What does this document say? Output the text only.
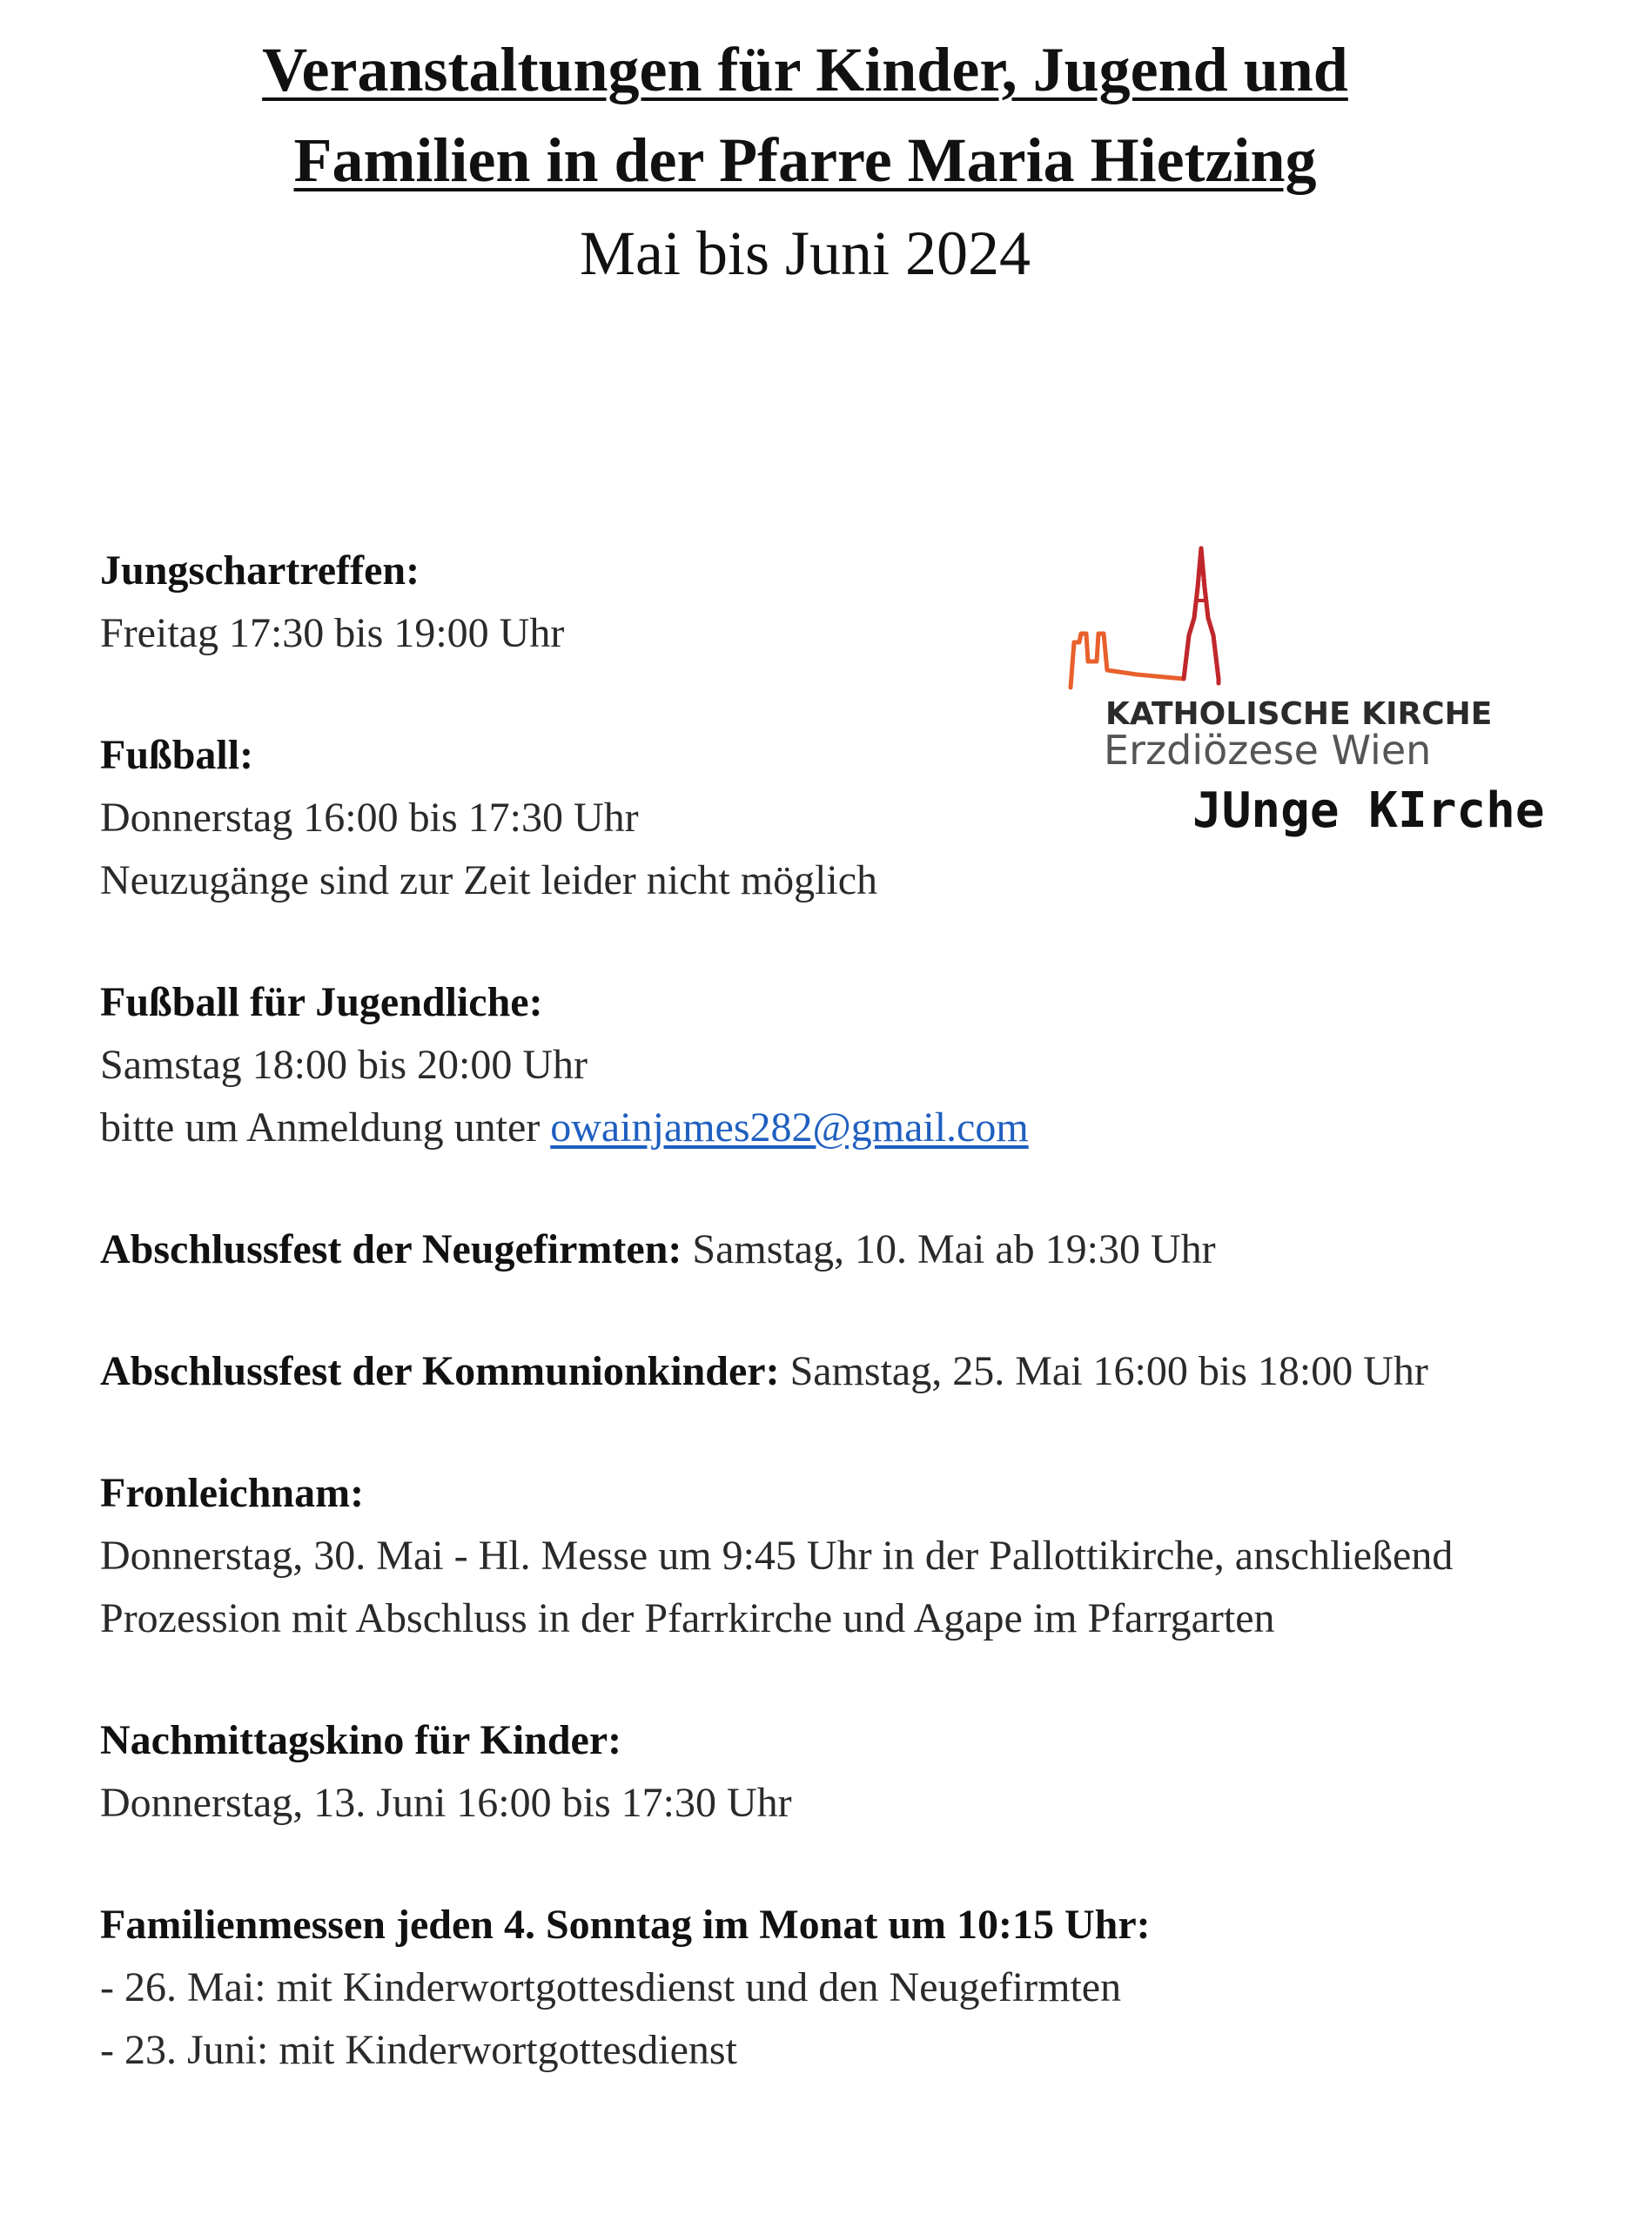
Veranstaltungen für Kinder, Jugend und

Familien in der Pfarre Maria Hietzing

Mai bis Juni 2024

KATHOLISCHE KIRCHE
Erzdiözese Wien
JUnge KIrche
Jungschartreffen:
Freitag 17:30 bis 19:00 Uhr
Fußball:
Donnerstag 16:00 bis 17:30 Uhr
Neuzugänge sind zur Zeit leider nicht möglich
Fußball für Jugendliche:
Samstag 18:00 bis 20:00 Uhr
bitte um Anmeldung unter owainjames282@gmail.com
Abschlussfest der Neugefirmten: Samstag, 10. Mai ab 19:30 Uhr
Abschlussfest der Kommunionkinder: Samstag, 25. Mai 16:00 bis 18:00 Uhr
Fronleichnam:
Donnerstag, 30. Mai - Hl. Messe um 9:45 Uhr in der Pallottikirche, anschließend
Prozession mit Abschluss in der Pfarrkirche und Agape im Pfarrgarten
Nachmittagskino für Kinder:
Donnerstag, 13. Juni 16:00 bis 17:30 Uhr
Familienmessen jeden 4. Sonntag im Monat um 10:15 Uhr:
- 26. Mai: mit Kinderwortgottesdienst und den Neugefirmten
- 23. Juni: mit Kinderwortgottesdienst
